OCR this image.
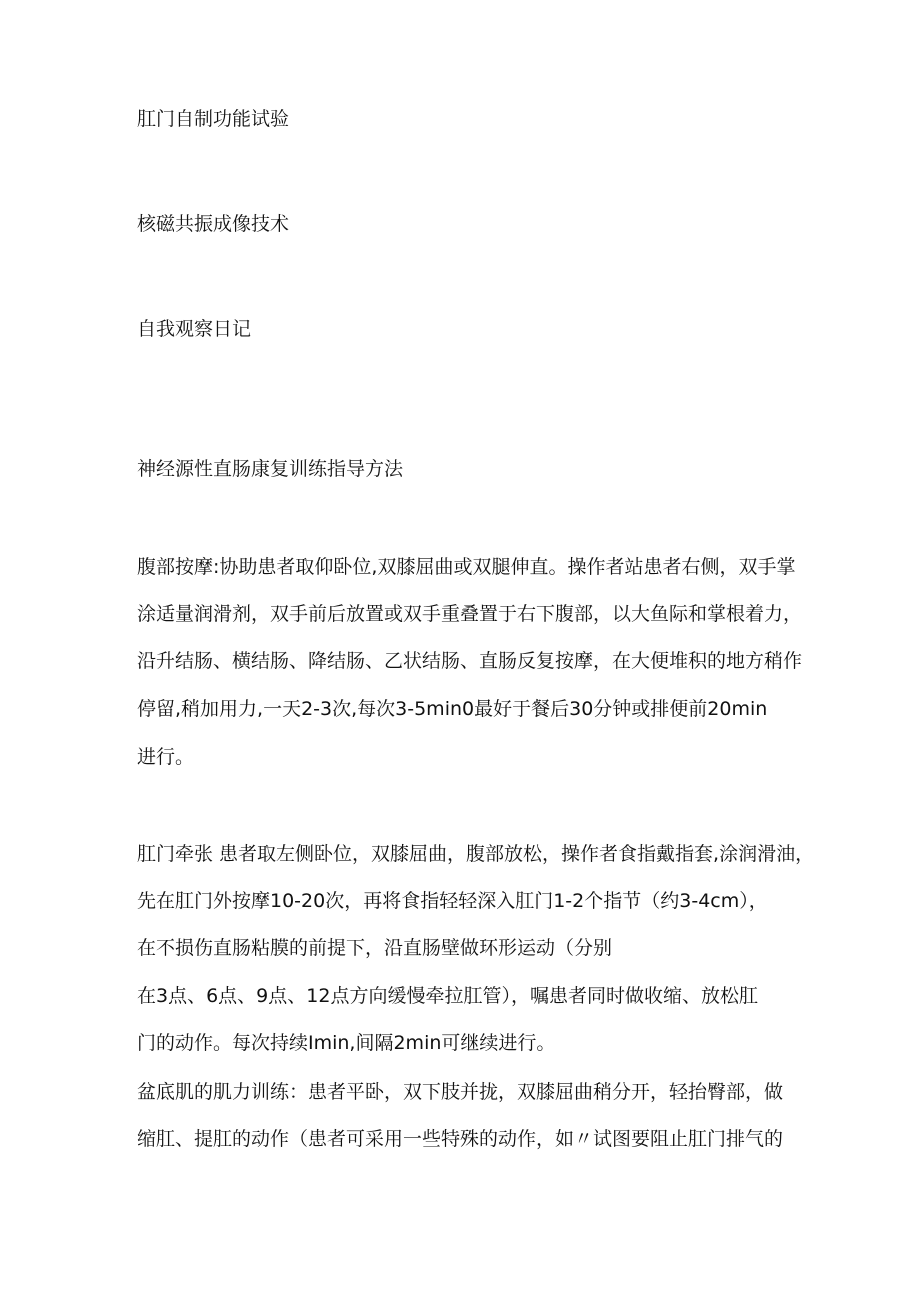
肛门自制功能试验
核磁共振成像技术
自我观察日记
神经源性直肠康复训练指导方法
腹部按摩:协助患者取仰卧位,双膝屈曲或双腿伸直。操作者站患者右侧，双手掌
涂适量润滑剂，双手前后放置或双手重叠置于右下腹部，以大鱼际和掌根着力，
沿升结肠、横结肠、降结肠、乙状结肠、直肠反复按摩，在大便堆积的地方稍作
停留,稍加用力,一天2-3次,每次3-5min0最好于餐后30分钟或排便前20min
进行。
肛门牵张 患者取左侧卧位，双膝屈曲，腹部放松，操作者食指戴指套,涂润滑油，
先在肛门外按摩10-20次，再将食指轻轻深入肛门1-2个指节（约3-4cm），
在不损伤直肠粘膜的前提下，沿直肠壁做环形运动（分别
在3点、6点、9点、12点方向缓慢牵拉肛管），嘱患者同时做收缩、放松肛
门的动作。每次持续Imin,间隔2min可继续进行。
盆底肌的肌力训练：患者平卧，双下肢并拢，双膝屈曲稍分开，轻抬臀部，做
缩肛、提肛的动作（患者可采用一些特殊的动作，如〃试图要阻止肛门排气的
